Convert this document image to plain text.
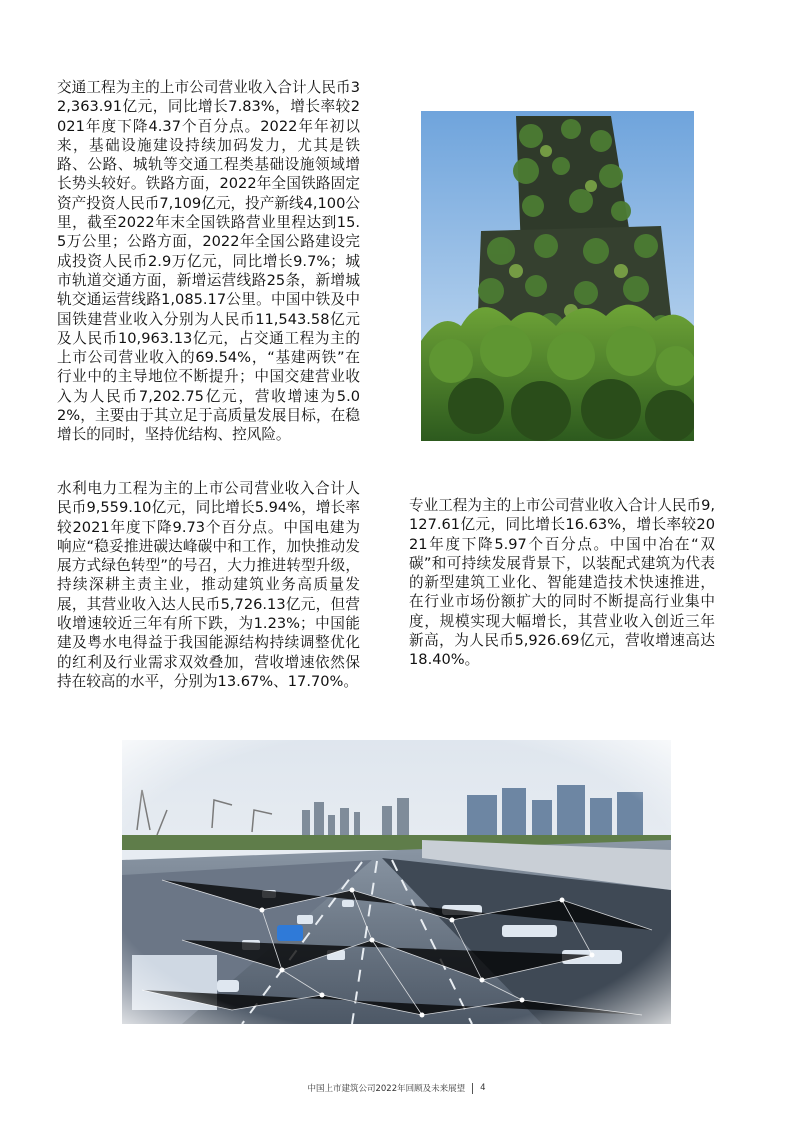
交通工程为主的上市公司营业收入合计人民币32,363.91亿元，同比增长7.83%，增长率较2021年度下降4.37个百分点。2022年年初以来，基础设施建设持续加码发力，尤其是铁路、公路、城轨等交通工程类基础设施领域增长势头较好。铁路方面，2022年全国铁路固定资产投资人民币7,109亿元，投产新线4,100公里，截至2022年末全国铁路营业里程达到15.5万公里；公路方面，2022年全国公路建设完成投资人民币2.9万亿元，同比增长9.7%；城市轨道交通方面，新增运营线路25条，新增城轨交通运营线路1,085.17公里。中国中铁及中国铁建营业收入分别为人民币11,543.58亿元及人民币10,963.13亿元，占交通工程为主的上市公司营业收入的69.54%，“基建两铁”在行业中的主导地位不断提升；中国交建营业收入为人民币7,202.75亿元，营收增速为5.02%，主要由于其立足于高质量发展目标，在稳增长的同时，坚持优结构、控风险。

水利电力工程为主的上市公司营业收入合计人民币9,559.10亿元，同比增长5.94%，增长率较2021年度下降9.73个百分点。中国电建为响应“稳妥推进碳达峰碳中和工作，加快推动发展方式绿色转型”的号召，大力推进转型升级，持续深耕主责主业，推动建筑业务高质量发展，其营业收入达人民币5,726.13亿元，但营收增速较近三年有所下跌，为1.23%；中国能建及粤水电得益于我国能源结构持续调整优化的红利及行业需求双效叠加，营收增速依然保持在较高的水平，分别为13.67%、17.70%。

专业工程为主的上市公司营业收入合计人民币9,127.61亿元，同比增长16.63%，增长率较2021年度下降5.97个百分点。中国中冶在“双碳”和可持续发展背景下，以装配式建筑为代表的新型建筑工业化、智能建造技术快速推进，在行业市场份额扩大的同时不断提高行业集中度，规模实现大幅增长，其营业收入创近三年新高，为人民币5,926.69亿元，营收增速高达18.40%。

中国上市建筑公司2022年回顾及未来展望 4
